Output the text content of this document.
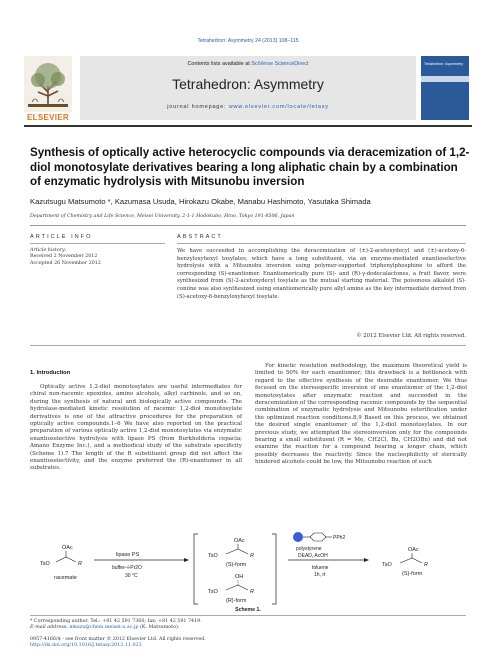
Tetrahedron: Asymmetry 24 (2013) 108–115
ELSEVIER
Contents lists available at SciVerse ScienceDirect
Tetrahedron: Asymmetry
journal homepage: www.elsevier.com/locate/tetasy
Tetrahedron: Asymmetry
Synthesis of optically active heterocyclic compounds via deracemization of 1,2-diol monotosylate derivatives bearing a long aliphatic chain by a combination of enzymatic hydrolysis with Mitsunobu inversion
Kazutsugu Matsumoto *, Kazumasa Usuda, Hirokazu Okabe, Manabu Hashimoto, Yasutaka Shimada
Department of Chemistry and Life Science, Meisei University, 2-1-1 Hodokubo, Hino, Tokyo 191-8506, Japan
ARTICLE INFO	ABSTRACT
Article history:
Received 2 November 2012
Accepted 26 November 2012
We have succeeded in accomplishing the deracemization of (±)-2-acetoxydecyl and (±)-acetoxy-6-benzyloxyhexyl tosylates, which have a long substituent, via an enzyme-mediated enantioselective hydrolysis with a Mitsunobu inversion using polymer-supported triphenylphosphine to afford the corresponding (S)-enantiomer. Enantiomerically pure (S)- and (R)-γ-dodecalactones, a fruit flavor, were synthesized from (S)-2-acetoxydecyl tosylate as the mutual starting material. The poisonous alkaloid (S)-coniine was also synthesized using enantiomerically pure allyl amine as the key intermediate derived from (S)-acetoxy-6-benzyloxyhexyl tosylate.
© 2012 Elsevier Ltd. All rights reserved.
1. Introduction
Optically active 1,2-diol monotosylates are useful intermediates for chiral non-racemic epoxides, amino alcohols, alkyl carbinols, and so on, during the synthesis of natural and biologically active compounds. The hydrolase-mediated kinetic resolution of racemic 1,2-diol monotosylate derivatives is one of the attractive procedures for the preparation of optically active compounds.1–6 We have also reported on the practical preparation of various optically active 1,2-diol monotosylates via enzymatic enantioselective hydrolysis with lipase PS (from Burkholderia cepacia; Amano Enzyme Inc.), and a methodical study of the substrate specificity (Scheme 1).7 The length of the R substituent group did not affect the enantioselectivity, and the enzyme preferred the (R)-enantiomer in all substrates.
For kinetic resolution methodology, the maximum theoretical yield is limited to 50% for each enantiomer; this drawback is a bottleneck with regard to the effective synthesis of the desirable enantiomer. We thus focused on the stereospecific inversion of one enantiomer of the 1,2-diol monotosylates after enzymatic reaction and succeeded in the deracemization of the corresponding racemic compounds by the sequential combination of enzymatic hydrolysis and Mitsunobu esterification under the optimized reaction conditions.8,9 Based on this process, we obtained the desired single enantiomer of the 1,2-diol monotosylates. In our previous study, we attempted the stereoinversion only for the compounds bearing a small substituent (R = Me, CH2Cl, Bu, CH2OBn) and did not examine the reaction for a compound bearing a longer chain, which possibly decreases the reactivity. Since the nucleophilicity of sterically hindered alcohols could be low, the Mitsunobu reaction of such
OAc
TsO	R
racemate
lipase PS
buffer–i-Pr2O
30 °C
OAc
TsO	R
(S)-form
OH
TsO	R
(R)-form
PPh2
polystyrene
DEAD, AcOH
toluene
1h, rt
OAc
TsO	R
(S)-form
Scheme 1.
* Corresponding author. Tel.: +81 42 591 7360; fax: +81 42 591 7419.
E-mail address: mkazu@chem.meisei-u.ac.jp (K. Matsumoto).
0957-4166/$ - see front matter © 2012 Elsevier Ltd. All rights reserved.
http://dx.doi.org/10.1016/j.tetasy.2012.11.023
